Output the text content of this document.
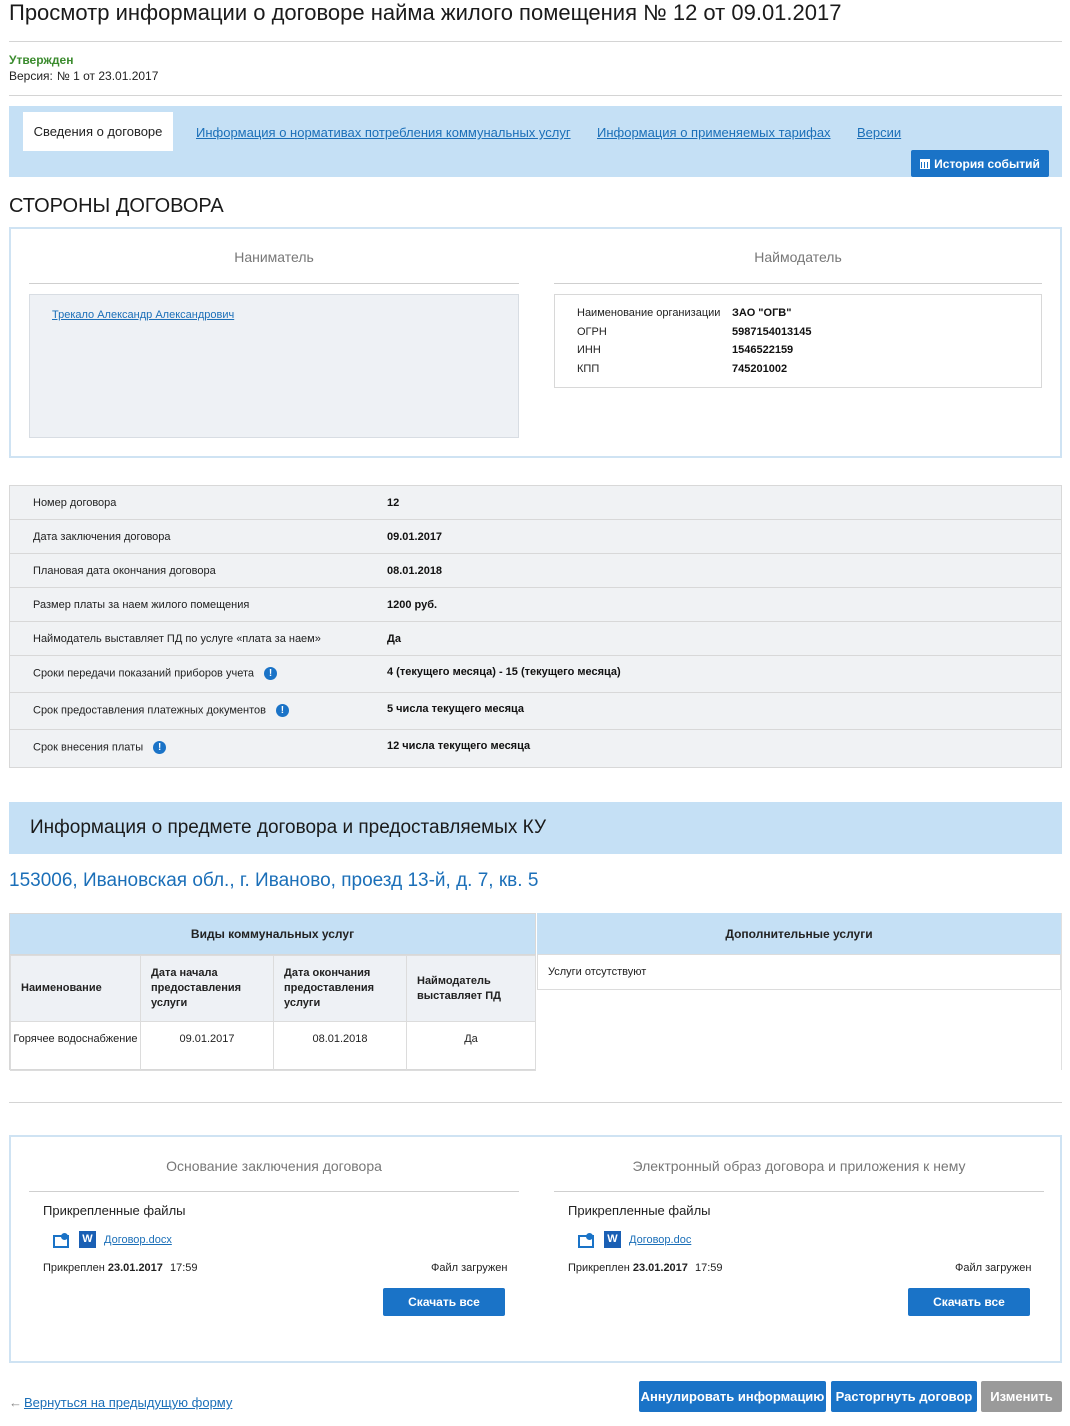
Просмотр информации о договоре найма жилого помещения № 12 от 09.01.2017
Утвержден
Версия: № 1 от 23.01.2017
Сведения о договоре	Информация о нормативах потребления коммунальных услуг Информация о применяемых тарифах Версии
История событий
СТОРОНЫ ДОГОВОРА
Наниматель	Наймодатель
Трекало Александр Александрович	Наименование организации ЗАО "ОГВ"
ОГРН	5987154013145
ИНН	1546522159
КПП	745201002
Номер договора	12
Дата заключения договора	09.01.2017
Плановая дата окончания договора	08.01.2018
Размер платы за наем жилого помещения	1200 руб.
Наймодатель выставляет ПД по услуге «плата за наем»	Да
Сроки передачи показаний приборов учета !	4 (текущего месяца) - 15 (текущего месяца)
Срок предоставления платежных документов !	5 числа текущего месяца
Срок внесения платы !	12 числа текущего месяца
Информация о предмете договора и предоставляемых КУ
153006, Ивановская обл., г. Иваново, проезд 13-й, д. 7, кв. 5
Виды коммунальных услуг
Наименование	Дата начала предоставления услуги	Дата окончания предоставления услуги	Наймодатель выставляет ПД
Горячее водоснабжение	09.01.2017	08.01.2018	Да
Дополнительные услуги
Услуги отсутствуют
Основание заключения договора	Электронный образ договора и приложения к нему
Прикрепленные файлы
W	Договор.docx
Прикреплен 23.01.2017 17:59	Файл загружен
Скачать все
Прикрепленные файлы
W	Договор.doc
Прикреплен 23.01.2017 17:59	Файл загружен
Скачать все
← Вернуться на предыдущую форму	Аннулировать информацию Расторгнуть договор	Изменить
